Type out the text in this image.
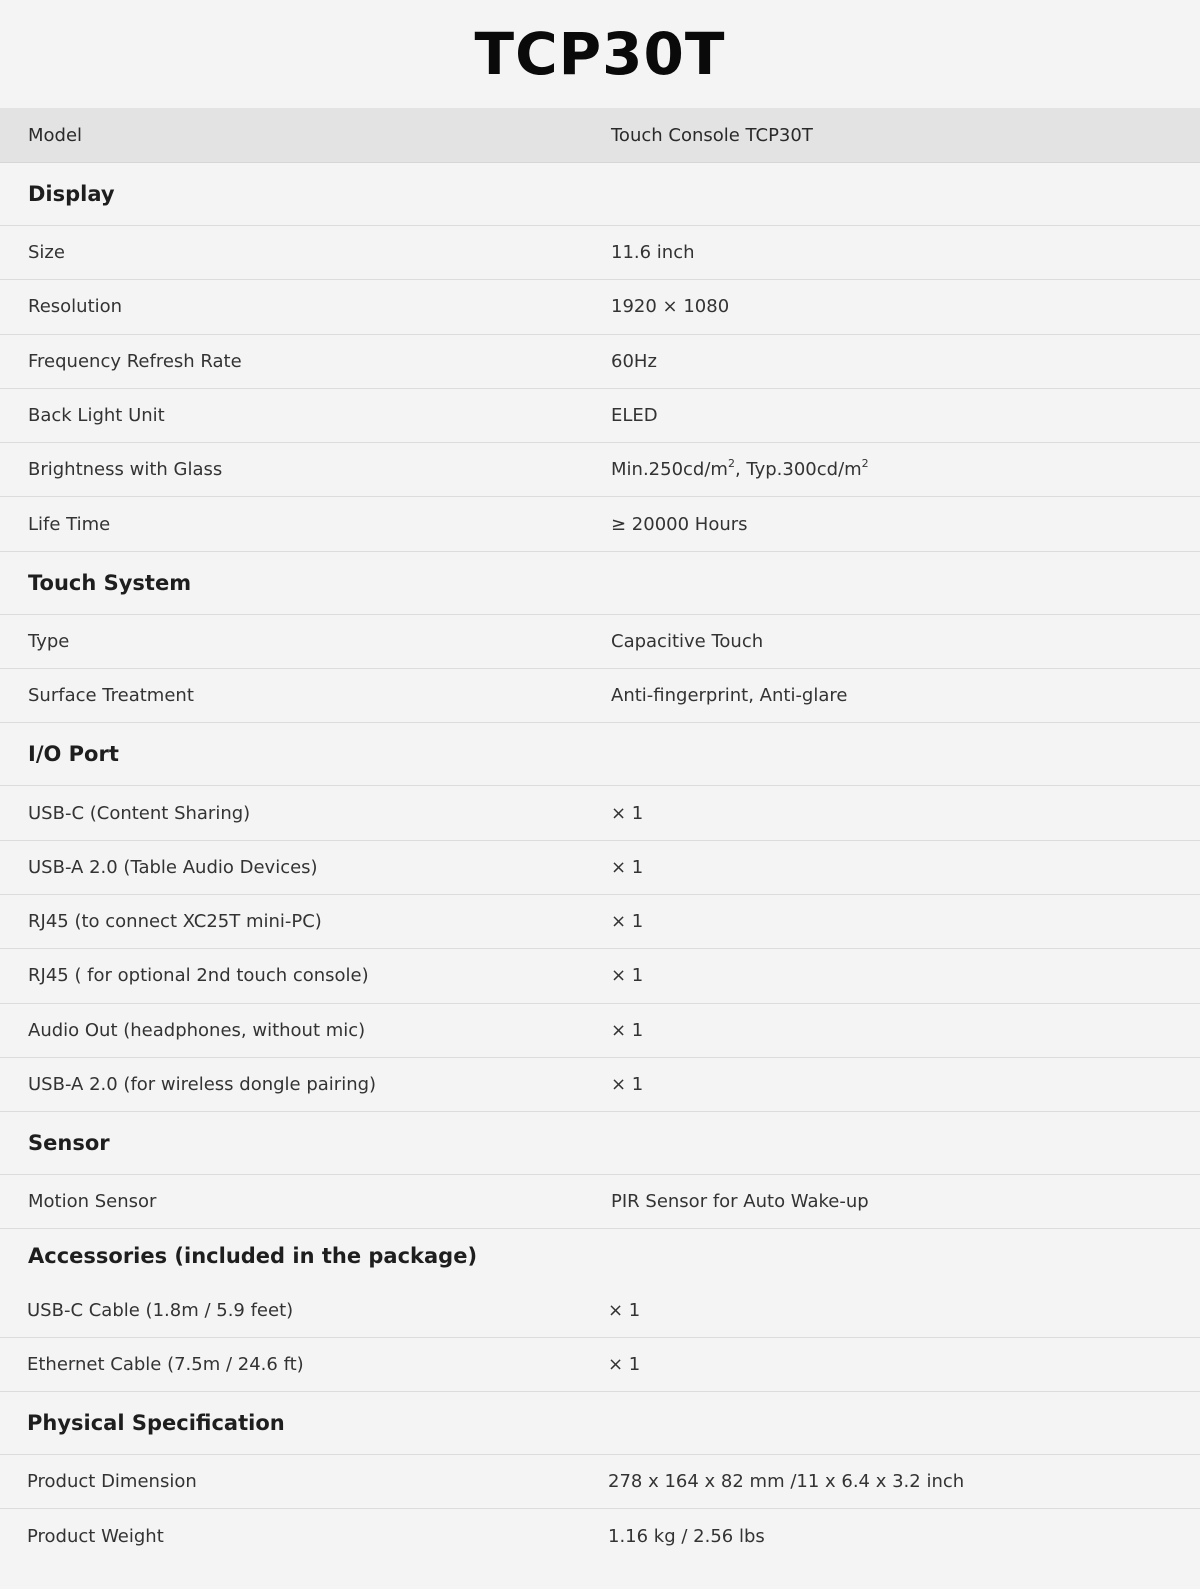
TCP30T
Model	Touch Console TCP30T
Display
Size	11.6 inch
Resolution	1920 × 1080
Frequency Refresh Rate	60Hz
Back Light Unit	ELED
Brightness with Glass	$Min.250cd/m^2$, $Typ.300cd/m^2$
Life Time	≥ 20000 Hours
Touch System
Type	Capacitive Touch
Surface Treatment	Anti-fingerprint, Anti-glare
I/O Port
USB-C (Content Sharing)	× 1
USB-A 2.0 (Table Audio Devices)	× 1
RJ45 (to connect XC25T mini-PC)	× 1
RJ45 ( for optional 2nd touch console)	× 1
Audio Out (headphones, without mic)	× 1
USB-A 2.0 (for wireless dongle pairing)	× 1
Sensor
Motion Sensor	PIR Sensor for Auto Wake-up
Accessories (included in the package)
USB-C Cable (1.8m / 5.9 feet)	× 1
Ethernet Cable (7.5m / 24.6 ft)	× 1
Physical Specification
Product Dimension	278 x 164 x 82 mm /11 x 6.4 x 3.2 inch
Product Weight	1.16 kg / 2.56 lbs
